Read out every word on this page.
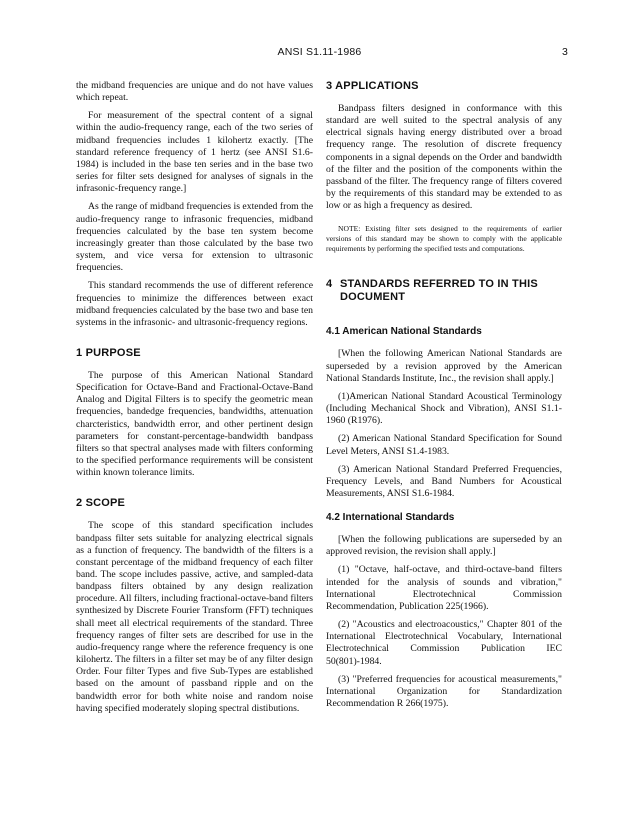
ANSI S1.11-1986	3

the midband frequencies are unique and do not have values which repeat.

For measurement of the spectral content of a signal within the audio-frequency range, each of the two series of midband frequencies includes 1 kilohertz exactly. [The standard reference frequency of 1 hertz (see ANSI S1.6-1984) is included in the base ten series and in the base two series for filter sets designed for analyses of signals in the infrasonic-frequency range.]

As the range of midband frequencies is extended from the audio-frequency range to infrasonic frequencies, midband frequencies calculated by the base ten system become increasingly greater than those calculated by the base two system, and vice versa for extension to ultrasonic frequencies.

This standard recommends the use of different reference frequencies to minimize the differences between exact midband frequencies calculated by the base two and base ten systems in the infrasonic- and ultrasonic-frequency regions.

1 PURPOSE

The purpose of this American National Standard Specification for Octave-Band and Fractional-Octave-Band Analog and Digital Filters is to specify the geometric mean frequencies, bandedge frequencies, bandwidths, attenuation charcteristics, bandwidth error, and other pertinent design parameters for constant-percentage-bandwidth bandpass filters so that spectral analyses made with filters conforming to the specified performance requirements will be consistent within known tolerance limits.

2 SCOPE

The scope of this standard specification includes bandpass filter sets suitable for analyzing electrical signals as a function of frequency. The bandwidth of the filters is a constant percentage of the midband frequency of each filter band. The scope includes passive, active, and sampled-data bandpass filters obtained by any design realization procedure. All filters, including fractional-octave-band filters synthesized by Discrete Fourier Transform (FFT) techniques shall meet all electrical requirements of the standard. Three frequency ranges of filter sets are described for use in the audio-frequency range where the reference frequency is one kilohertz. The filters in a filter set may be of any filter design Order. Four filter Types and five Sub-Types are established based on the amount of passband ripple and on the bandwidth error for both white noise and random noise having specified moderately sloping spectral distibutions.

3 APPLICATIONS

Bandpass filters designed in conformance with this standard are well suited to the spectral analysis of any electrical signals having energy distributed over a broad frequency range. The resolution of discrete frequency components in a signal depends on the Order and bandwidth of the filter and the position of the components within the passband of the filter. The frequency range of filters covered by the requirements of this standard may be extended to as low or as high a frequency as desired.

NOTE: Existing filter sets designed to the requirements of earlier versions of this standard may be shown to comply with the applicable requirements by performing the specified tests and computations.

4 STANDARDS REFERRED TO IN THIS
DOCUMENT
4.1 American National Standards

[When the following American National Standards are superseded by a revision approved by the American National Standards Institute, Inc., the revision shall apply.]

(1)American National Standard Acoustical Terminology (Including Mechanical Shock and Vibration), ANSI S1.1-1960 (R1976).

(2) American National Standard Specification for Sound Level Meters, ANSI S1.4-1983.

(3) American National Standard Preferred Frequencies, Frequency Levels, and Band Numbers for Acoustical Measurements, ANSI S1.6-1984.

4.2 International Standards

[When the following publications are superseded by an approved revision, the revision shall apply.]

(1) "Octave, half-octave, and third-octave-band filters intended for the analysis of sounds and vibration," International Electrotechnical Commission Recommendation, Publication 225(1966).

(2) "Acoustics and electroacoustics," Chapter 801 of the International Electrotechnical Vocabulary, International Electrotechnical Commission Publication IEC 50(801)-1984.

(3) "Preferred frequencies for acoustical measurements," International Organization for Standardization Recommendation R 266(1975).
